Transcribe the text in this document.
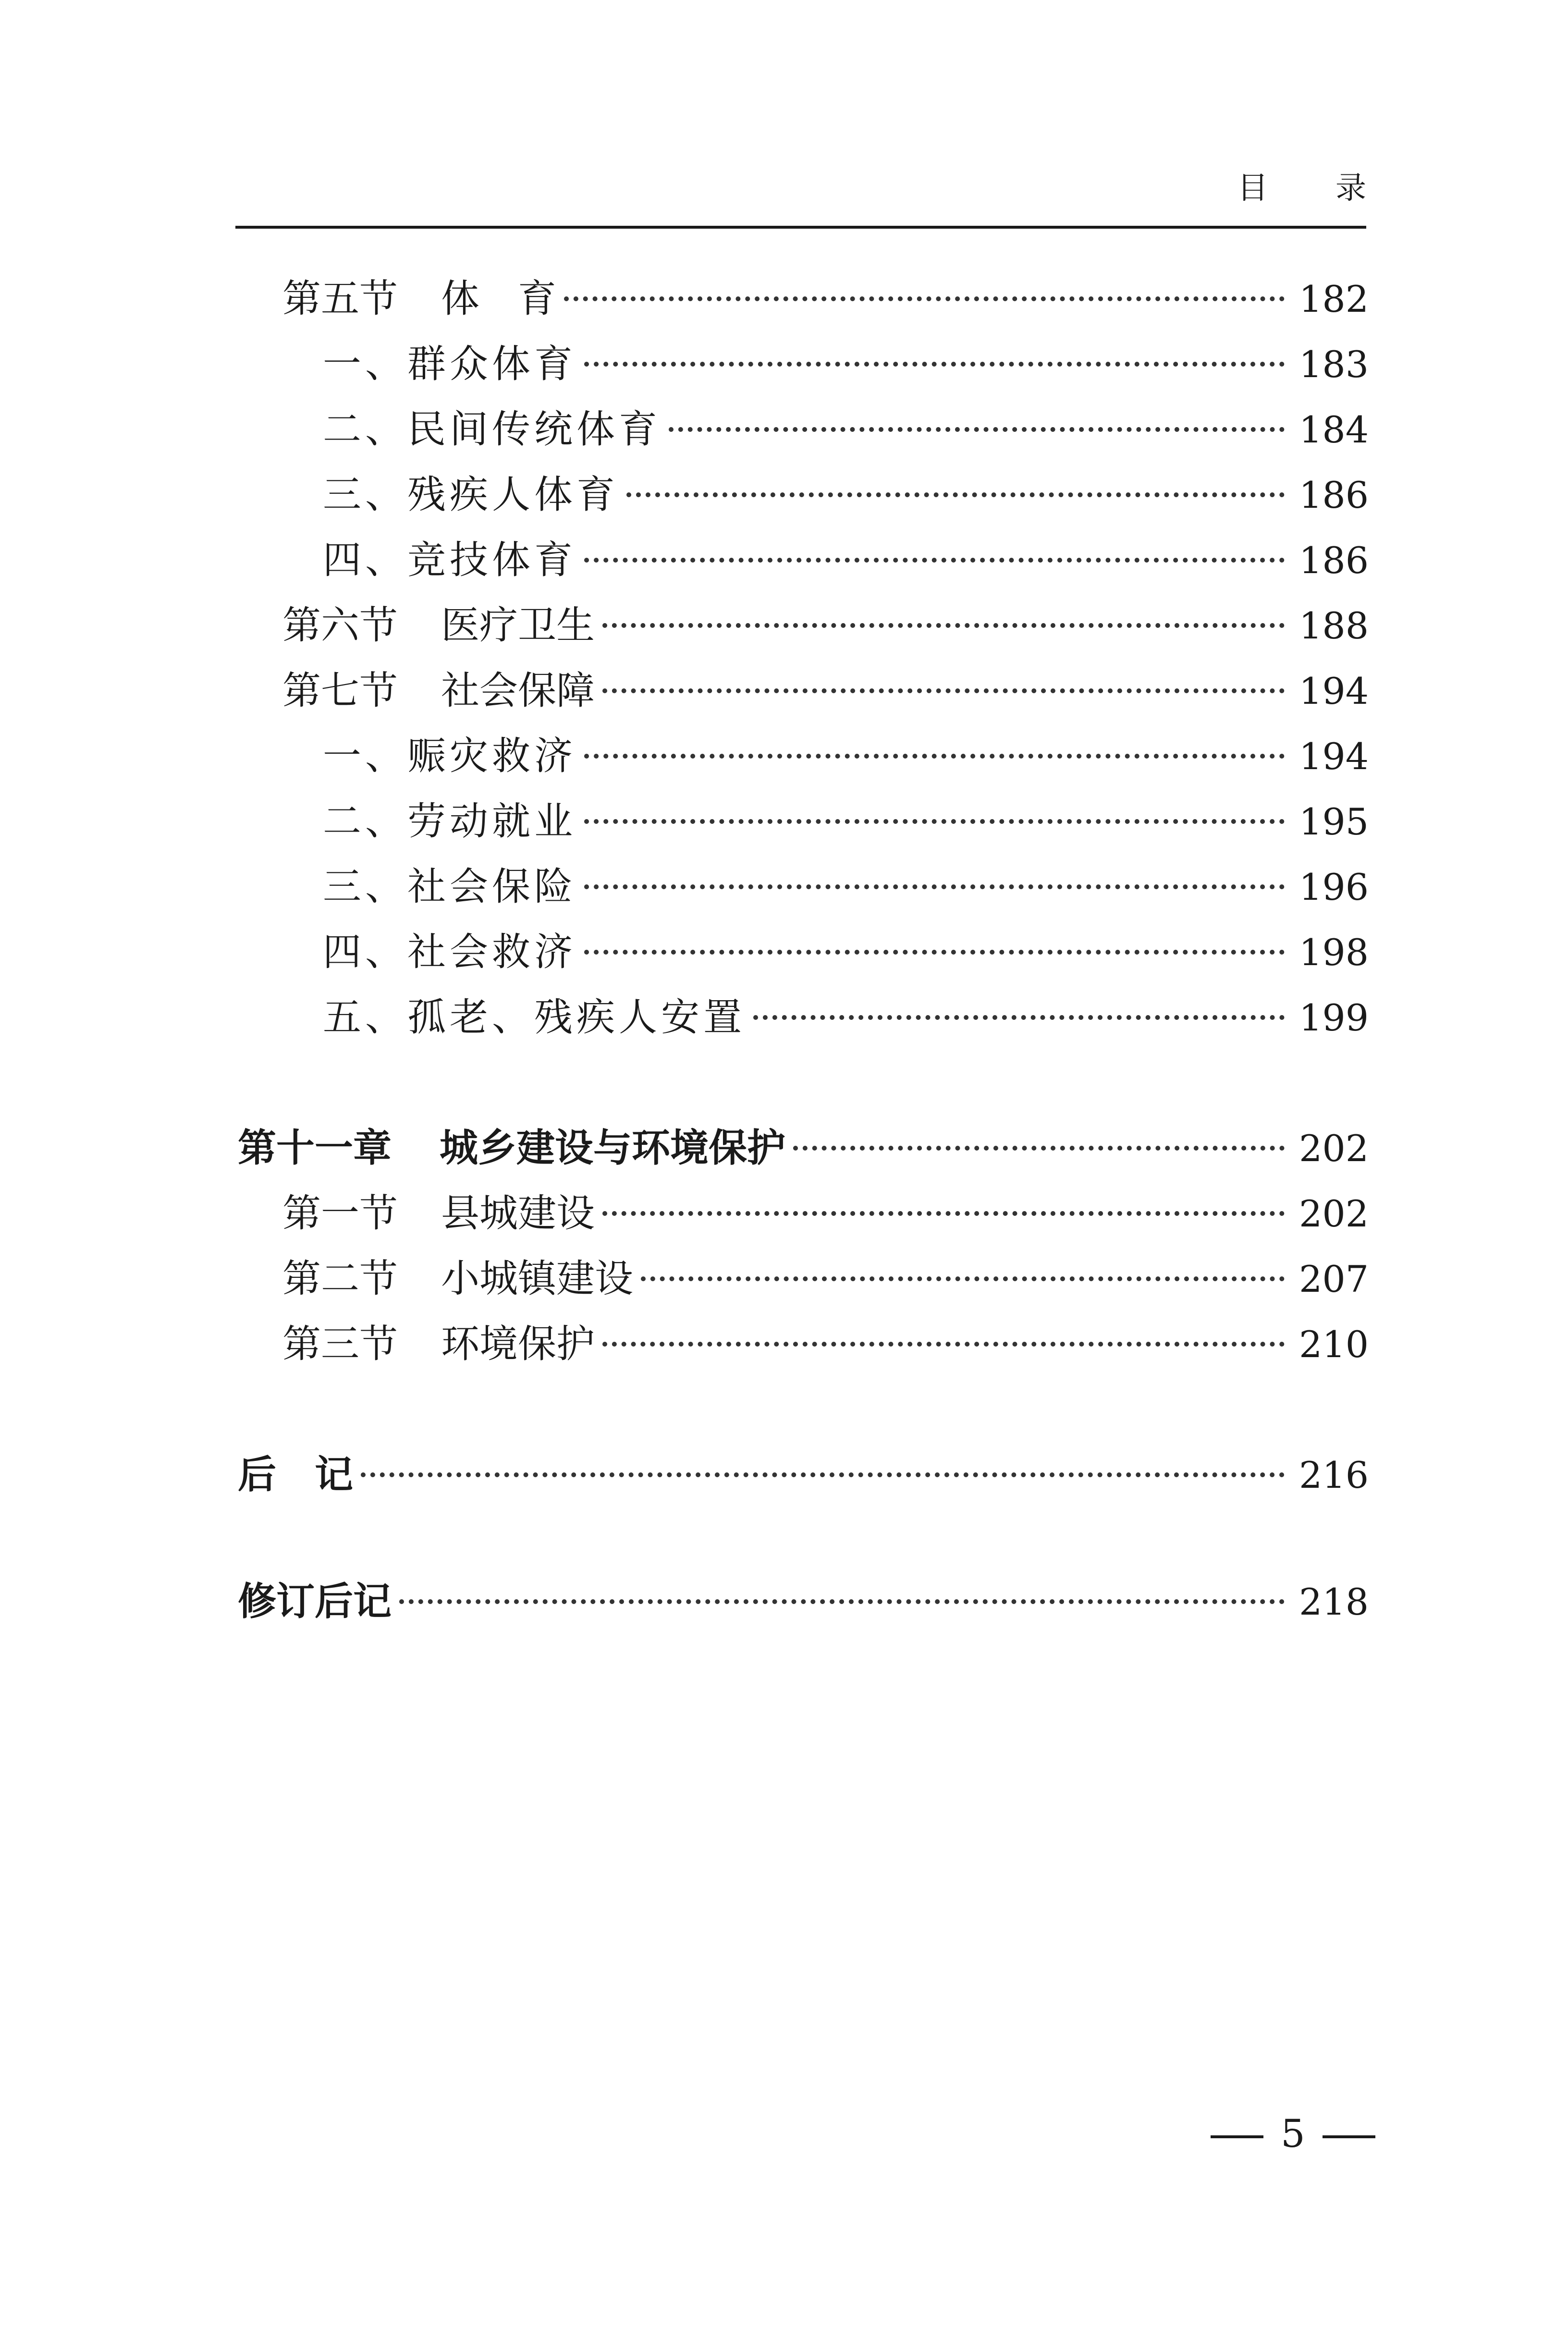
目 录
第五节 体　育	182
一、群众体育	183
二、民间传统体育	184
三、残疾人体育	186
四、竞技体育	186
第六节 医疗卫生	188
第七节 社会保障	194
一、赈灾救济	194
二、劳动就业	195
三、社会保险	196
四、社会救济	198
五、孤老、残疾人安置	199
第十一章 城乡建设与环境保护	202
第一节 县城建设	202
第二节 小城镇建设	207
第三节 环境保护	210
后　记	216
修订后记	218
5
